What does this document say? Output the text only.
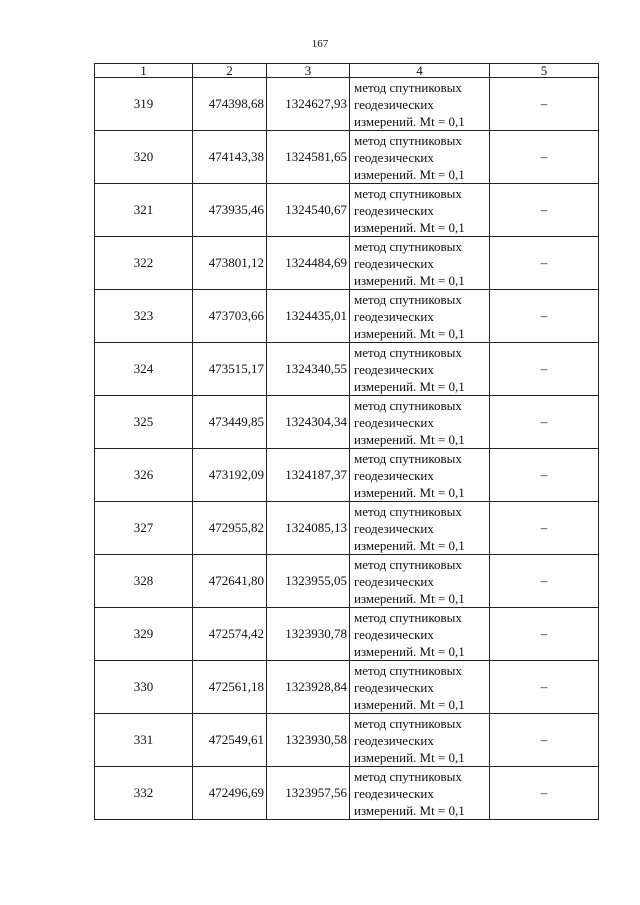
167
1	2	3	4	5
319	474398,68	1324627,93	метод спутниковых
геодезических
измерений. Mt = 0,1	–
320	474143,38	1324581,65	метод спутниковых
геодезических
измерений. Mt = 0,1	–
321	473935,46	1324540,67	метод спутниковых
геодезических
измерений. Mt = 0,1	–
322	473801,12	1324484,69	метод спутниковых
геодезических
измерений. Mt = 0,1	–
323	473703,66	1324435,01	метод спутниковых
геодезических
измерений. Mt = 0,1	–
324	473515,17	1324340,55	метод спутниковых
геодезических
измерений. Mt = 0,1	–
325	473449,85	1324304,34	метод спутниковых
геодезических
измерений. Mt = 0,1	–
326	473192,09	1324187,37	метод спутниковых
геодезических
измерений. Mt = 0,1	–
327	472955,82	1324085,13	метод спутниковых
геодезических
измерений. Mt = 0,1	–
328	472641,80	1323955,05	метод спутниковых
геодезических
измерений. Mt = 0,1	–
329	472574,42	1323930,78	метод спутниковых
геодезических
измерений. Mt = 0,1	–
330	472561,18	1323928,84	метод спутниковых
геодезических
измерений. Mt = 0,1	–
331	472549,61	1323930,58	метод спутниковых
геодезических
измерений. Mt = 0,1	–
332	472496,69	1323957,56	метод спутниковых
геодезических
измерений. Mt = 0,1	–
